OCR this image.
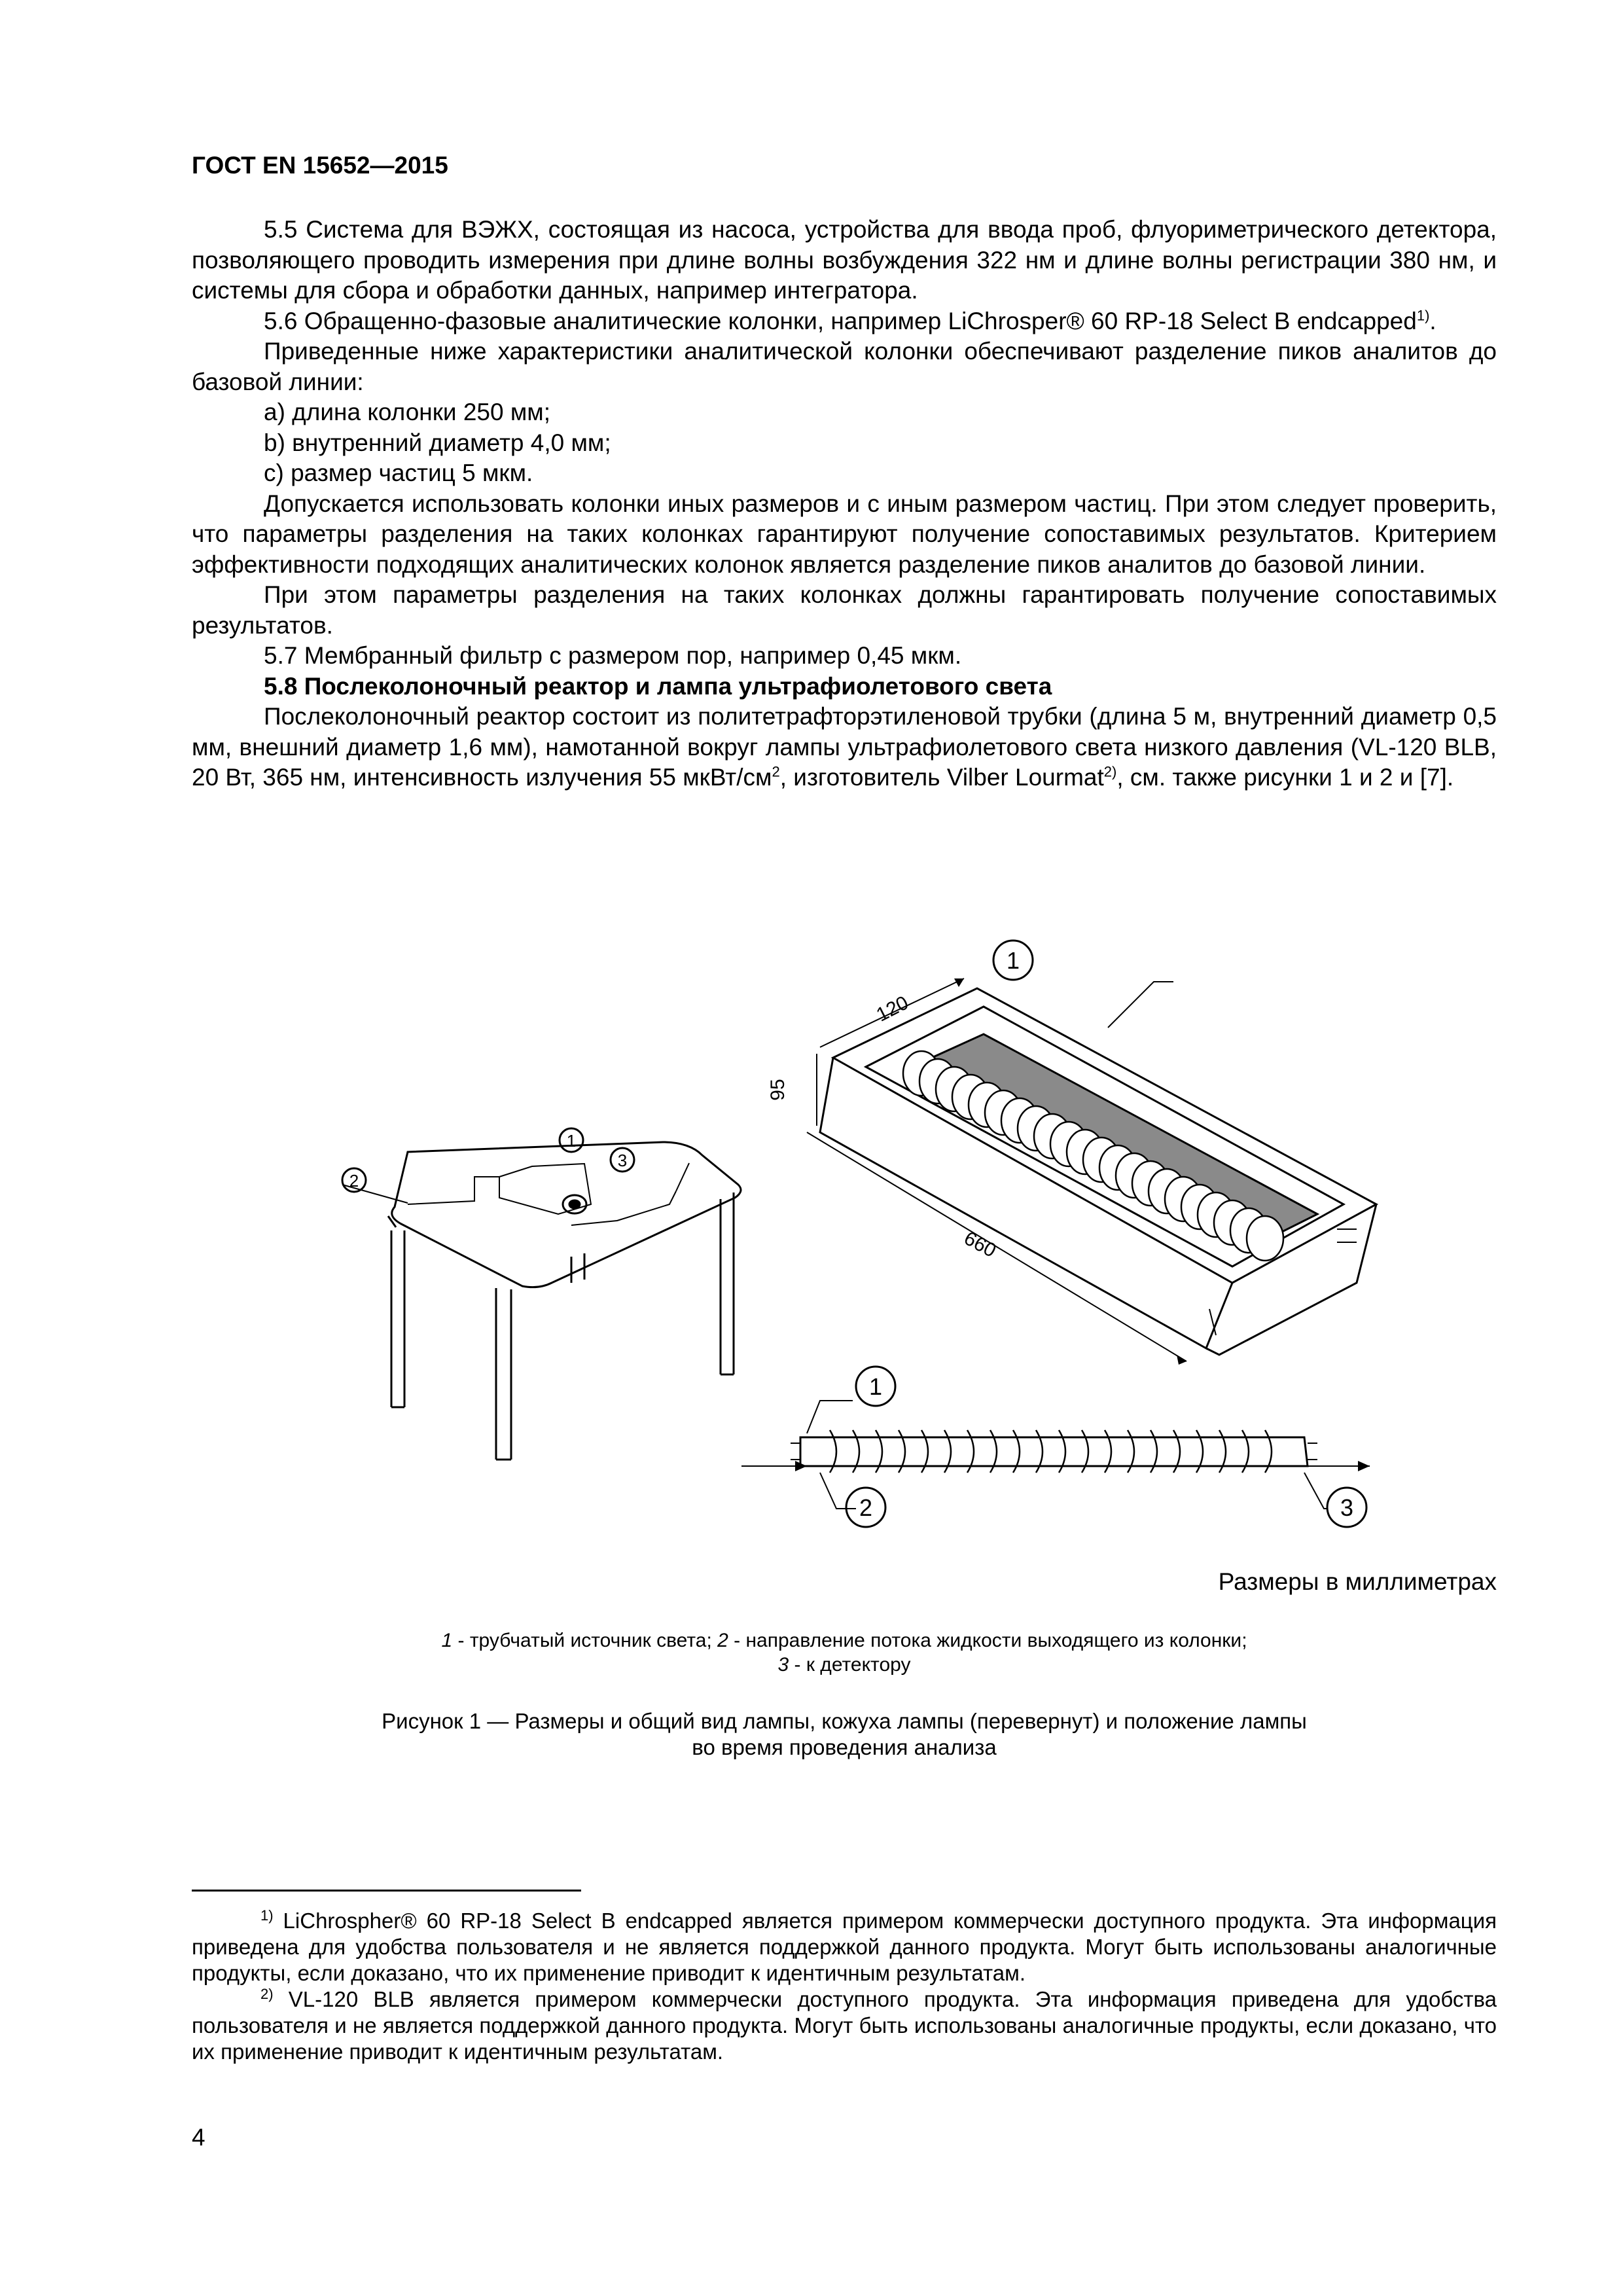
ГОСТ EN 15652—2015

5.5 Система для ВЭЖХ, состоящая из насоса, устройства для ввода проб, флуориметрического детектора, позволяющего проводить измерения при длине волны возбуждения 322 нм и длине волны регистрации 380 нм, и системы для сбора и обработки данных, например интегратора.

5.6 Обращенно-фазовые аналитические колонки, например LiChrosper® 60 RP-18 Select B endcapped$^{1)}$.

Приведенные ниже характеристики аналитической колонки обеспечивают разделение пиков аналитов до базовой линии:

a) длина колонки 250 мм;

b) внутренний диаметр 4,0 мм;

c) размер частиц 5 мкм.

Допускается использовать колонки иных размеров и с иным размером частиц. При этом следует проверить, что параметры разделения на таких колонках гарантируют получение сопоставимых результатов. Критерием эффективности подходящих аналитических колонок является разделение пиков аналитов до базовой линии.

При этом параметры разделения на таких колонках должны гарантировать получение сопоставимых результатов.

5.7 Мембранный фильтр с размером пор, например 0,45 мкм.

5.8 Послеколоночный реактор и лампа ультрафиолетового света

Послеколоночный реактор состоит из политетрафторэтиленовой трубки (длина 5 м, внутренний диаметр 0,5 мм, внешний диаметр 1,6 мм), намотанной вокруг лампы ультрафиолетового света низкого давления (VL-120 BLB, 20 Вт, 365 нм, интенсивность излучения 55 мкВт/$см^2$, изготовитель Vilber Lourmat$^{2)}$, см. также рисунки 1 и 2 и [7].

2
1
3
1
1
2	3
120
95
660
Размеры в миллиметрах
1 - трубчатый источник света; 2 - направление потока жидкости выходящего из колонки;
3 - к детектору
Рисунок 1 — Размеры и общий вид лампы, кожуха лампы (перевернут) и положение лампы
во время проведения анализа

$^{1)}$ LiChrospher® 60 RP-18 Select B endcapped является примером коммерчески доступного продукта. Эта информация приведена для удобства пользователя и не является поддержкой данного продукта. Могут быть использованы аналогичные продукты, если доказано, что их применение приводит к идентичным результатам.

$^{2)}$ VL-120 BLB является примером коммерчески доступного продукта. Эта информация приведена для удобства пользователя и не является поддержкой данного продукта. Могут быть использованы аналогичные продукты, если доказано, что их применение приводит к идентичным результатам.

4
